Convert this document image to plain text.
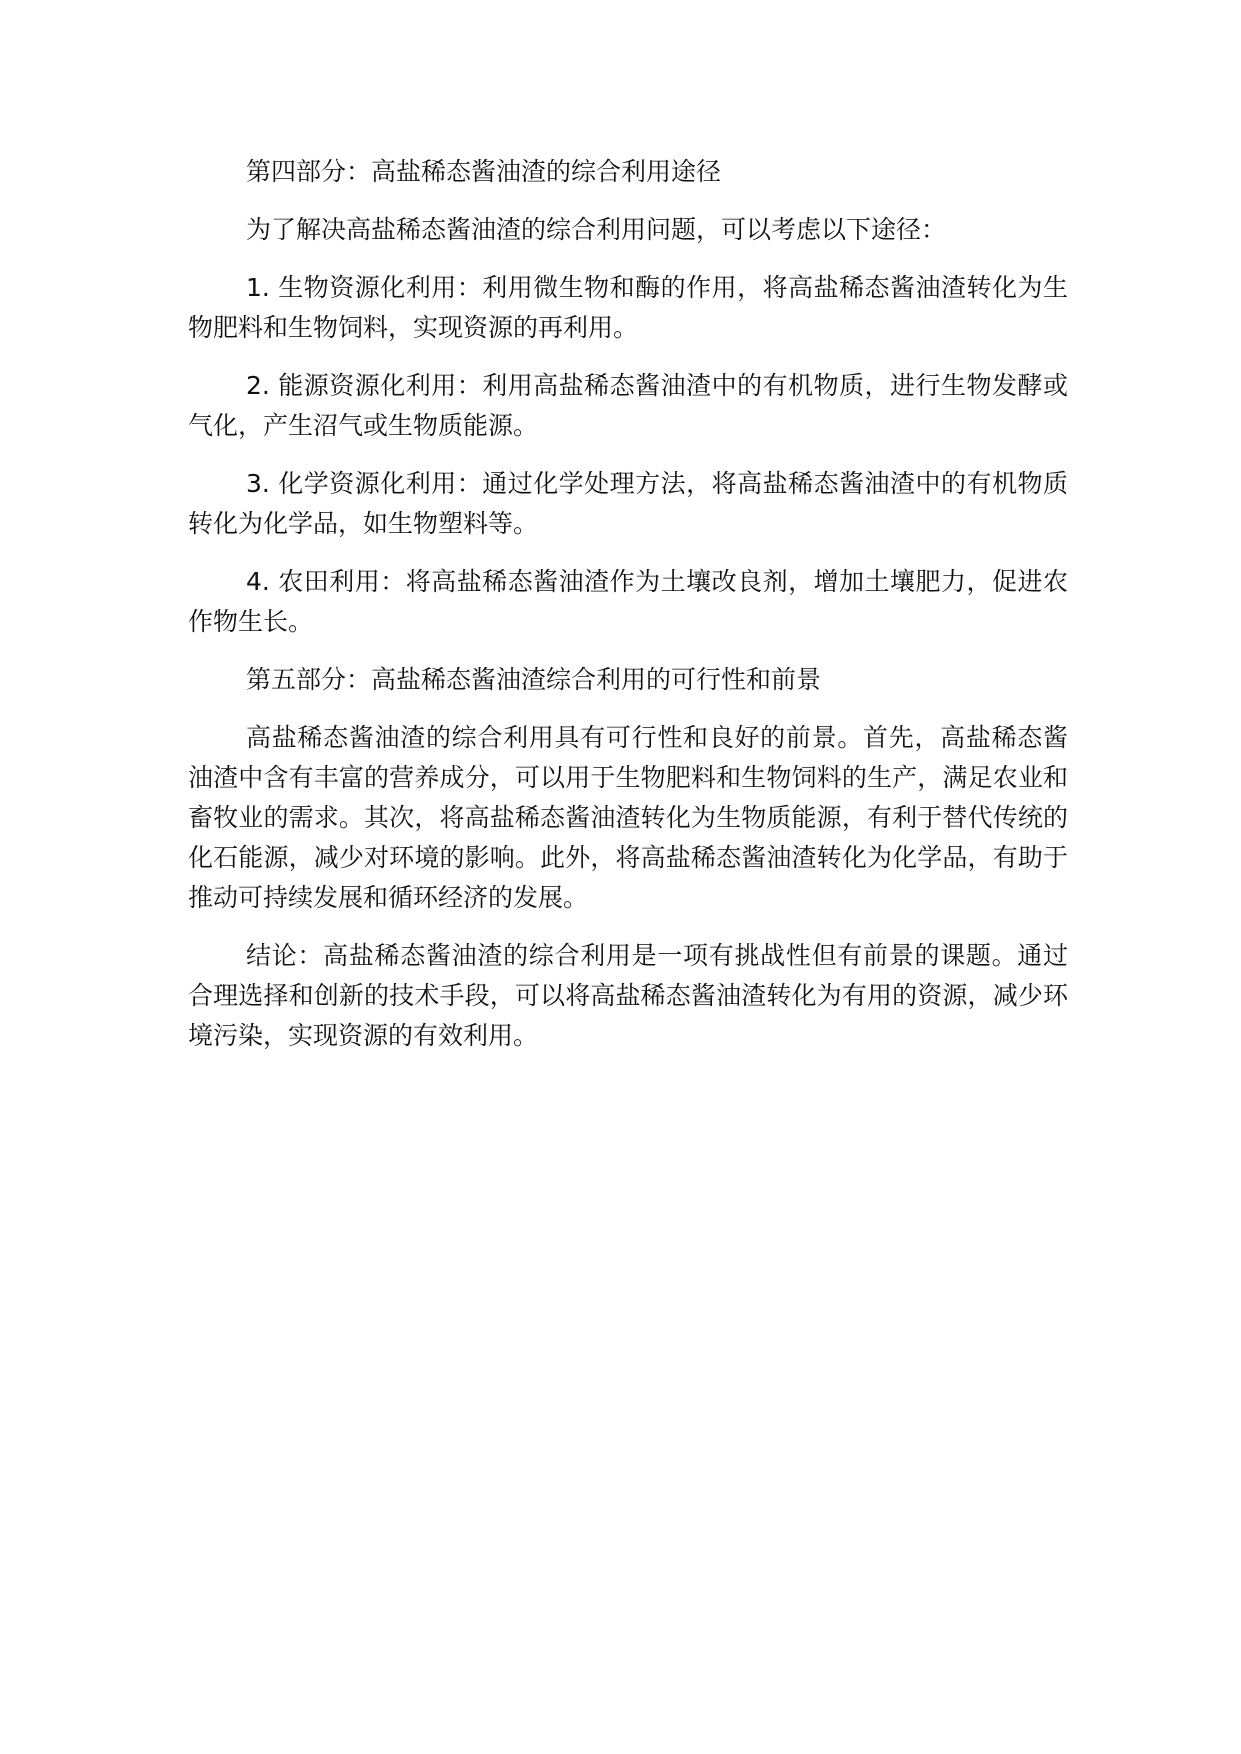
第四部分：高盐稀态酱油渣的综合利用途径

为了解决高盐稀态酱油渣的综合利用问题，可以考虑以下途径：

1. 生物资源化利用：利用微生物和酶的作用，将高盐稀态酱油渣转化为生物肥料和生物饲料，实现资源的再利用。

2. 能源资源化利用：利用高盐稀态酱油渣中的有机物质，进行生物发酵或气化，产生沼气或生物质能源。

3. 化学资源化利用：通过化学处理方法，将高盐稀态酱油渣中的有机物质转化为化学品，如生物塑料等。

4. 农田利用：将高盐稀态酱油渣作为土壤改良剂，增加土壤肥力，促进农作物生长。

第五部分：高盐稀态酱油渣综合利用的可行性和前景

高盐稀态酱油渣的综合利用具有可行性和良好的前景。首先，高盐稀态酱油渣中含有丰富的营养成分，可以用于生物肥料和生物饲料的生产，满足农业和畜牧业的需求。其次，将高盐稀态酱油渣转化为生物质能源，有利于替代传统的化石能源，减少对环境的影响。此外，将高盐稀态酱油渣转化为化学品，有助于推动可持续发展和循环经济的发展。

结论：高盐稀态酱油渣的综合利用是一项有挑战性但有前景的课题。通过合理选择和创新的技术手段，可以将高盐稀态酱油渣转化为有用的资源，减少环境污染，实现资源的有效利用。
